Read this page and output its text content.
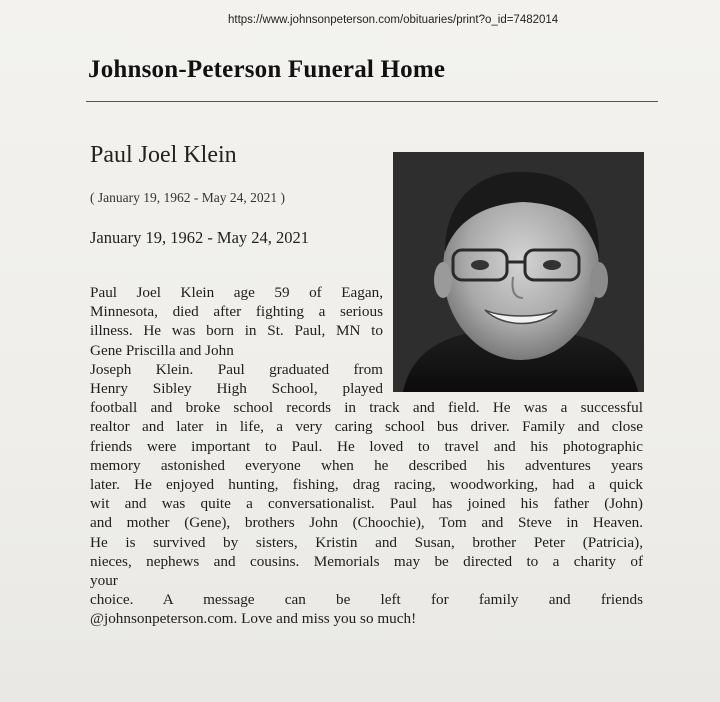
https://www.johnsonpeterson.com/obituaries/print?o_id=7482014
Johnson-Peterson Funeral Home
Paul Joel Klein
( January 19, 1962 - May 24, 2021 )
January 19, 1962 - May 24, 2021
Paul Joel Klein age 59 of Eagan,
Minnesota, died after fighting a serious
illness. He was born in St. Paul, MN to
Gene Priscilla and John
Joseph Klein. Paul graduated from
Henry Sibley High School, played
football and broke school records in track and field. He was a successful
realtor and later in life, a very caring school bus driver. Family and close
friends were important to Paul. He loved to travel and his photographic
memory astonished everyone when he described his adventures years
later. He enjoyed hunting, fishing, drag racing, woodworking, had a quick
wit and was quite a conversationalist. Paul has joined his father (John)
and mother (Gene), brothers John (Choochie), Tom and Steve in Heaven.
He is survived by sisters, Kristin and Susan, brother Peter (Patricia),
nieces, nephews and cousins. Memorials may be directed to a charity of
your
choice. A message can be left for family and friends
@johnsonpeterson.com. Love and miss you so much!
